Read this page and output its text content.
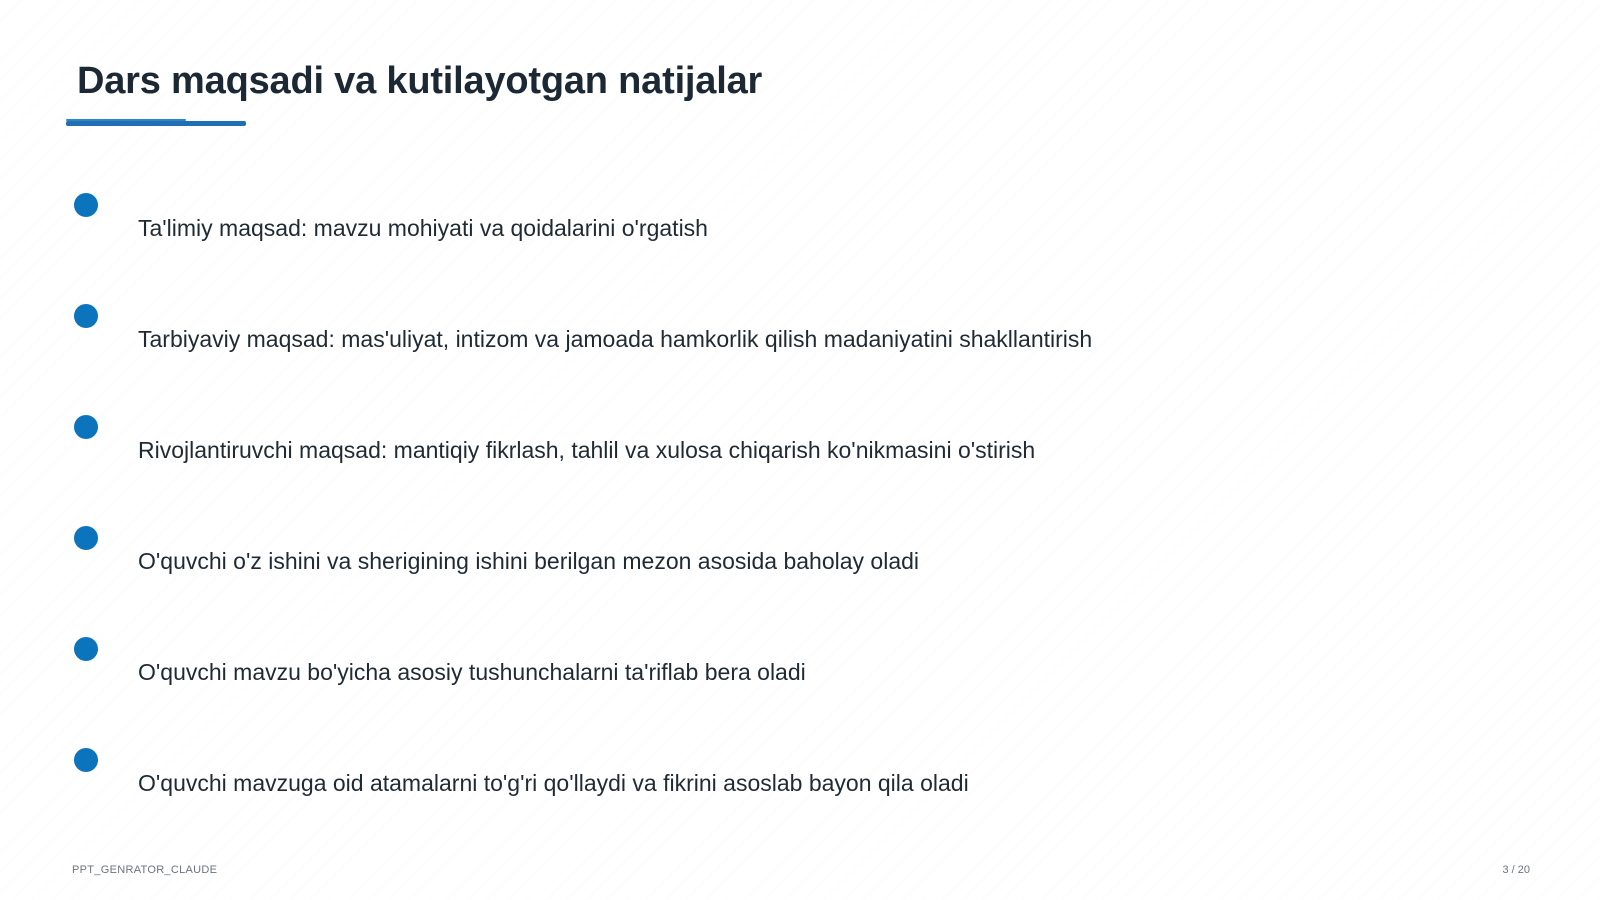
Dars maqsadi va kutilayotgan natijalar
Ta'limiy maqsad: mavzu mohiyati va qoidalarini o'rgatish
Tarbiyaviy maqsad: mas'uliyat, intizom va jamoada hamkorlik qilish madaniyatini shakllantirish
Rivojlantiruvchi maqsad: mantiqiy fikrlash, tahlil va xulosa chiqarish ko'nikmasini o'stirish
O'quvchi o'z ishini va sherigining ishini berilgan mezon asosida baholay oladi
O'quvchi mavzu bo'yicha asosiy tushunchalarni ta'riflab bera oladi
O'quvchi mavzuga oid atamalarni to'g'ri qo'llaydi va fikrini asoslab bayon qila oladi
PPT_GENRATOR_CLAUDE	3 / 20
